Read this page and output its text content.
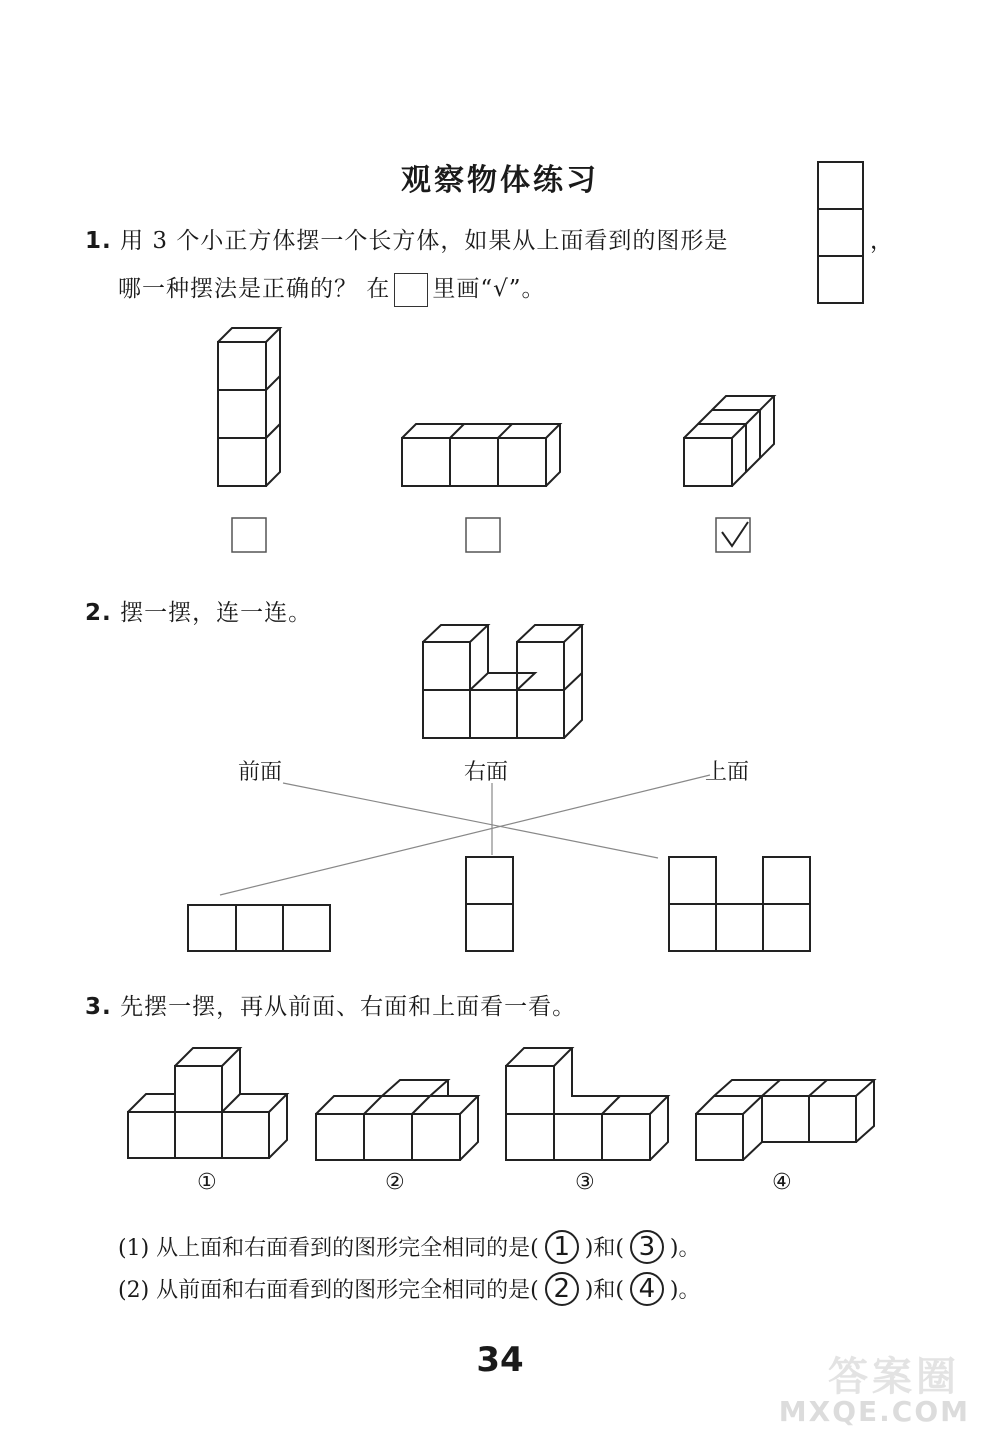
观察物体练习
1. 用 3 个小正方体摆一个长方体，如果从上面看到的图形是	，
哪一种摆法是正确的？ 在 里画“√”。
2. 摆一摆，连一连。
前面	右面	上面
3. 先摆一摆，再从前面、右面和上面看一看。
①	②	③	④
(1) 从上面和右面看到的图形完全相同的是( 1 )和( 3 )。
(2) 从前面和右面看到的图形完全相同的是( 2 )和( 4 )。
34	答案圈
MXQE.COM
